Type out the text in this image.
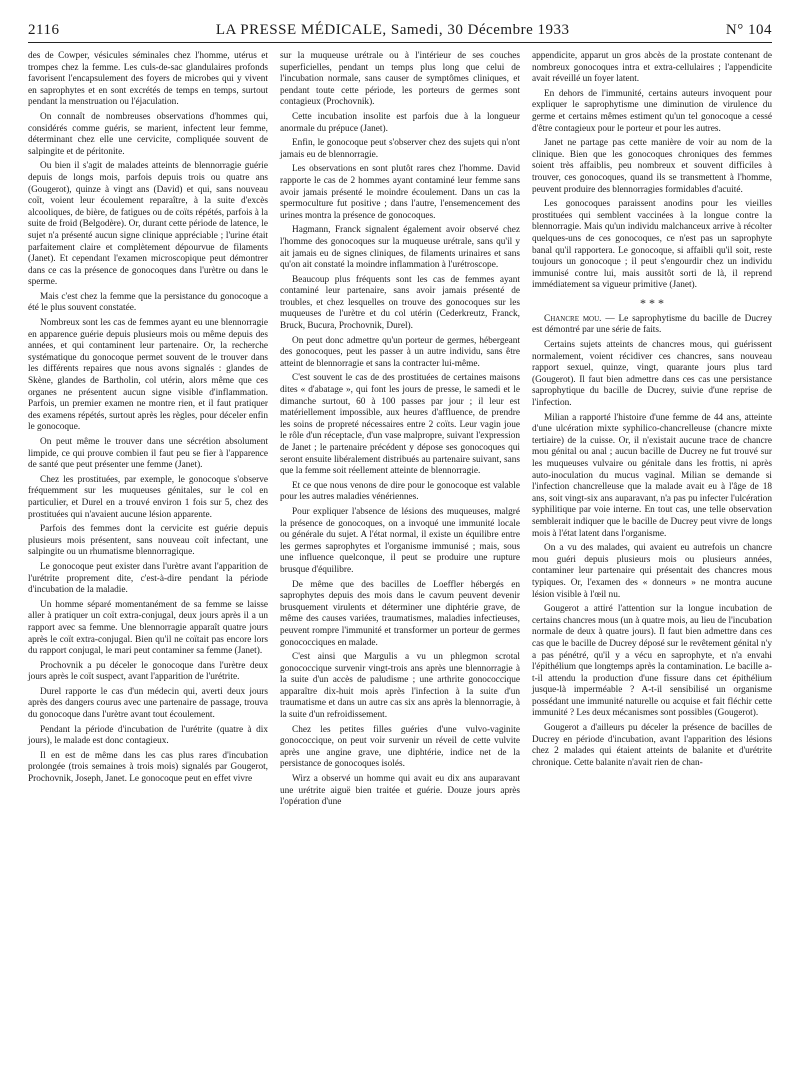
2116	LA PRESSE MÉDICALE, Samedi, 30 Décembre 1933	N° 104

des de Cowper, vésicules séminales chez l'homme, utérus et trompes chez la femme. Les culs-de-sac glandulaires profonds favorisent l'encapsulement des foyers de microbes qui y vivent en saprophytes et en sont excrétés de temps en temps, surtout pendant la menstruation ou l'éjaculation.

On connaît de nombreuses observations d'hommes qui, considérés comme guéris, se marient, infectent leur femme, déterminant chez elle une cervicite, compliquée souvent de salpingite et de péritonite.

Ou bien il s'agit de malades atteints de blennorragie guérie depuis de longs mois, parfois depuis trois ou quatre ans (Gougerot), quinze à vingt ans (David) et qui, sans nouveau coït, voient leur écoulement reparaître, à la suite d'excès alcooliques, de bière, de fatigues ou de coïts répétés, parfois à la suite de froid (Belgodère). Or, durant cette période de latence, le sujet n'a présenté aucun signe clinique appréciable ; l'urine était parfaitement claire et complètement dépourvue de filaments (Janet). Et cependant l'examen microscopique peut démontrer dans ce cas la présence de gonocoques dans l'urètre ou dans le sperme.

Mais c'est chez la femme que la persistance du gonocoque a été le plus souvent constatée.

Nombreux sont les cas de femmes ayant eu une blennorragie en apparence guérie depuis plusieurs mois ou même depuis des années, et qui contaminent leur partenaire. Or, la recherche systématique du gonocoque permet souvent de le trouver dans les différents repaires que nous avons signalés : glandes de Skène, glandes de Bartholin, col utérin, alors même que ces organes ne présentent aucun signe visible d'inflammation. Parfois, un premier examen ne montre rien, et il faut pratiquer des examens répétés, surtout après les règles, pour déceler enfin le gonocoque.

On peut même le trouver dans une sécrétion absolument limpide, ce qui prouve combien il faut peu se fier à l'apparence de santé que peut présenter une femme (Janet).

Chez les prostituées, par exemple, le gonocoque s'observe fréquemment sur les muqueuses génitales, sur le col en particulier, et Durel en a trouvé environ 1 fois sur 5, chez des prostituées qui n'avaient aucune lésion apparente.

Parfois des femmes dont la cervicite est guérie depuis plusieurs mois présentent, sans nouveau coït infectant, une salpingite ou un rhumatisme blennorragique.

Le gonocoque peut exister dans l'urètre avant l'apparition de l'urétrite proprement dite, c'est-à-dire pendant la période d'incubation de la maladie.

Un homme séparé momentanément de sa femme se laisse aller à pratiquer un coït extra-conjugal, deux jours après il a un rapport avec sa femme. Une blennorragie apparaît quatre jours après le coït extra-conjugal. Bien qu'il ne coïtait pas encore lors du rapport conjugal, le mari peut contaminer sa femme (Janet).

Prochovnik a pu déceler le gonocoque dans l'urètre deux jours après le coït suspect, avant l'apparition de l'urétrite.

Durel rapporte le cas d'un médecin qui, averti deux jours après des dangers courus avec une partenaire de passage, trouva du gonocoque dans l'urètre avant tout écoulement.

Pendant la période d'incubation de l'urétrite (quatre à dix jours), le malade est donc contagieux.

Il en est de même dans les cas plus rares d'incubation prolongée (trois semaines à trois mois) signalés par Gougerot, Prochovnik, Joseph, Janet. Le gonocoque peut en effet vivre

sur la muqueuse urétrale ou à l'intérieur de ses couches superficielles, pendant un temps plus long que celui de l'incubation normale, sans causer de symptômes cliniques, et pendant toute cette période, les porteurs de germes sont contagieux (Prochovnik).

Cette incubation insolite est parfois due à la longueur anormale du prépuce (Janet).

Enfin, le gonocoque peut s'observer chez des sujets qui n'ont jamais eu de blennorragie.

Les observations en sont plutôt rares chez l'homme. David rapporte le cas de 2 hommes ayant contaminé leur femme sans avoir jamais présenté le moindre écoulement. Dans un cas la spermoculture fut positive ; dans l'autre, l'ensemencement des urines montra la présence de gonocoques.

Hagmann, Franck signalent également avoir observé chez l'homme des gonocoques sur la muqueuse urétrale, sans qu'il y ait jamais eu de signes cliniques, de filaments urinaires et sans qu'on ait constaté la moindre inflammation à l'urétroscope.

Beaucoup plus fréquents sont les cas de femmes ayant contaminé leur partenaire, sans avoir jamais présenté de troubles, et chez lesquelles on trouve des gonocoques sur les muqueuses de l'urètre et du col utérin (Cederkreutz, Franck, Bruck, Bucura, Prochovnik, Durel).

On peut donc admettre qu'un porteur de germes, hébergeant des gonocoques, peut les passer à un autre individu, sans être atteint de blennorragie et sans la contracter lui-même.

C'est souvent le cas de des prostituées de certaines maisons dites « d'abatage », qui font les jours de presse, le samedi et le dimanche surtout, 60 à 100 passes par jour ; il leur est matériellement impossible, aux heures d'affluence, de prendre les soins de propreté nécessaires entre 2 coïts. Leur vagin joue le rôle d'un réceptacle, d'un vase malpropre, suivant l'expression de Janet ; le partenaire précédent y dépose ses gonocoques qui seront ensuite libéralement distribués au partenaire suivant, sans que la femme soit réellement atteinte de blennorragie.

Et ce que nous venons de dire pour le gonocoque est valable pour les autres maladies vénériennes.

Pour expliquer l'absence de lésions des muqueuses, malgré la présence de gonocoques, on a invoqué une immunité locale ou générale du sujet. A l'état normal, il existe un équilibre entre les germes saprophytes et l'organisme immunisé ; mais, sous une influence quelconque, il peut se produire une rupture brusque d'équilibre.

De même que des bacilles de Loeffler hébergés en saprophytes depuis des mois dans le cavum peuvent devenir brusquement virulents et déterminer une diphtérie grave, de même des causes variées, traumatismes, maladies infectieuses, peuvent rompre l'immunité et transformer un porteur de germes gonococciques en malade.

C'est ainsi que Margulis a vu un phlegmon scrotal gonococcique survenir vingt-trois ans après une blennorragie à la suite d'un accès de paludisme ; une arthrite gonococcique apparaître dix-huit mois après l'infection à la suite d'un traumatisme et dans un autre cas six ans après la blennorragie, à la suite d'un refroidissement.

Chez les petites filles guéries d'une vulvo-vaginite gonococcique, on peut voir survenir un réveil de cette vulvite après une angine grave, une diphtérie, indice net de la persistance de gonocoques isolés.

Wirz a observé un homme qui avait eu dix ans auparavant une urétrite aiguë bien traitée et guérie. Douze jours après l'opération d'une

appendicite, apparut un gros abcès de la prostate contenant de nombreux gonocoques intra et extra-cellulaires ; l'appendicite avait réveillé un foyer latent.

En dehors de l'immunité, certains auteurs invoquent pour expliquer le saprophytisme une diminution de virulence du germe et certains mêmes estiment qu'un tel gonocoque a cessé d'être contagieux pour le porteur et pour les autres.

Janet ne partage pas cette manière de voir au nom de la clinique. Bien que les gonocoques chroniques des femmes soient très affaiblis, peu nombreux et souvent difficiles à trouver, ces gonocoques, quand ils se transmettent à l'homme, peuvent produire des blennorragies formidables d'acuité.

Les gonocoques paraissent anodins pour les vieilles prostituées qui semblent vaccinées à la longue contre la blennorragie. Mais qu'un individu malchanceux arrive à récolter quelques-uns de ces gonocoques, ce n'est pas un saprophyte banal qu'il rapportera. Le gonocoque, si affaibli qu'il soit, reste toujours un gonocoque ; il peut s'engourdir chez un individu immunisé contre lui, mais aussitôt sorti de là, il reprend immédiatement sa vigueur primitive (Janet).

* * *

Chancre mou. — Le saprophytisme du bacille de Ducrey est démontré par une série de faits.

Certains sujets atteints de chancres mous, qui guérissent normalement, voient récidiver ces chancres, sans nouveau rapport sexuel, quinze, vingt, quarante jours plus tard (Gougerot). Il faut bien admettre dans ces cas une persistance saprophytique du bacille de Ducrey, suivie d'une reprise de l'infection.

Milian a rapporté l'histoire d'une femme de 44 ans, atteinte d'une ulcération mixte syphilico-chancrelleuse (chancre mixte tertiaire) de la cuisse. Or, il n'existait aucune trace de chancre mou génital ou anal ; aucun bacille de Ducrey ne fut trouvé sur les muqueuses vulvaire ou génitale dans les frottis, ni après auto-inoculation du mucus vaginal. Milian se demande si l'infection chancrelleuse que la malade avait eu à l'âge de 18 ans, soit vingt-six ans auparavant, n'a pas pu infecter l'ulcération syphilitique par voie interne. En tout cas, une telle observation semblerait indiquer que le bacille de Ducrey peut vivre de longs mois à l'état latent dans l'organisme.

On a vu des malades, qui avaient eu autrefois un chancre mou guéri depuis plusieurs mois ou plusieurs années, contaminer leur partenaire qui présentait des chancres mous typiques. Or, l'examen des « donneurs » ne montra aucune lésion visible à l'œil nu.

Gougerot a attiré l'attention sur la longue incubation de certains chancres mous (un à quatre mois, au lieu de l'incubation normale de deux à quatre jours). Il faut bien admettre dans ces cas que le bacille de Ducrey déposé sur le revêtement génital n'y a pas pénétré, qu'il y a vécu en saprophyte, et n'a envahi l'épithélium que longtemps après la contamination. Le bacille a-t-il attendu la production d'une fissure dans cet épithélium jusque-là imperméable ? A-t-il sensibilisé un organisme possédant une immunité naturelle ou acquise et fait fléchir cette immunité ? Les deux mécanismes sont possibles (Gougerot).

Gougerot a d'ailleurs pu déceler la présence de bacilles de Ducrey en période d'incubation, avant l'apparition des lésions chez 2 malades qui étaient atteints de balanite et d'urétrite chronique. Cette balanite n'avait rien de chan-
